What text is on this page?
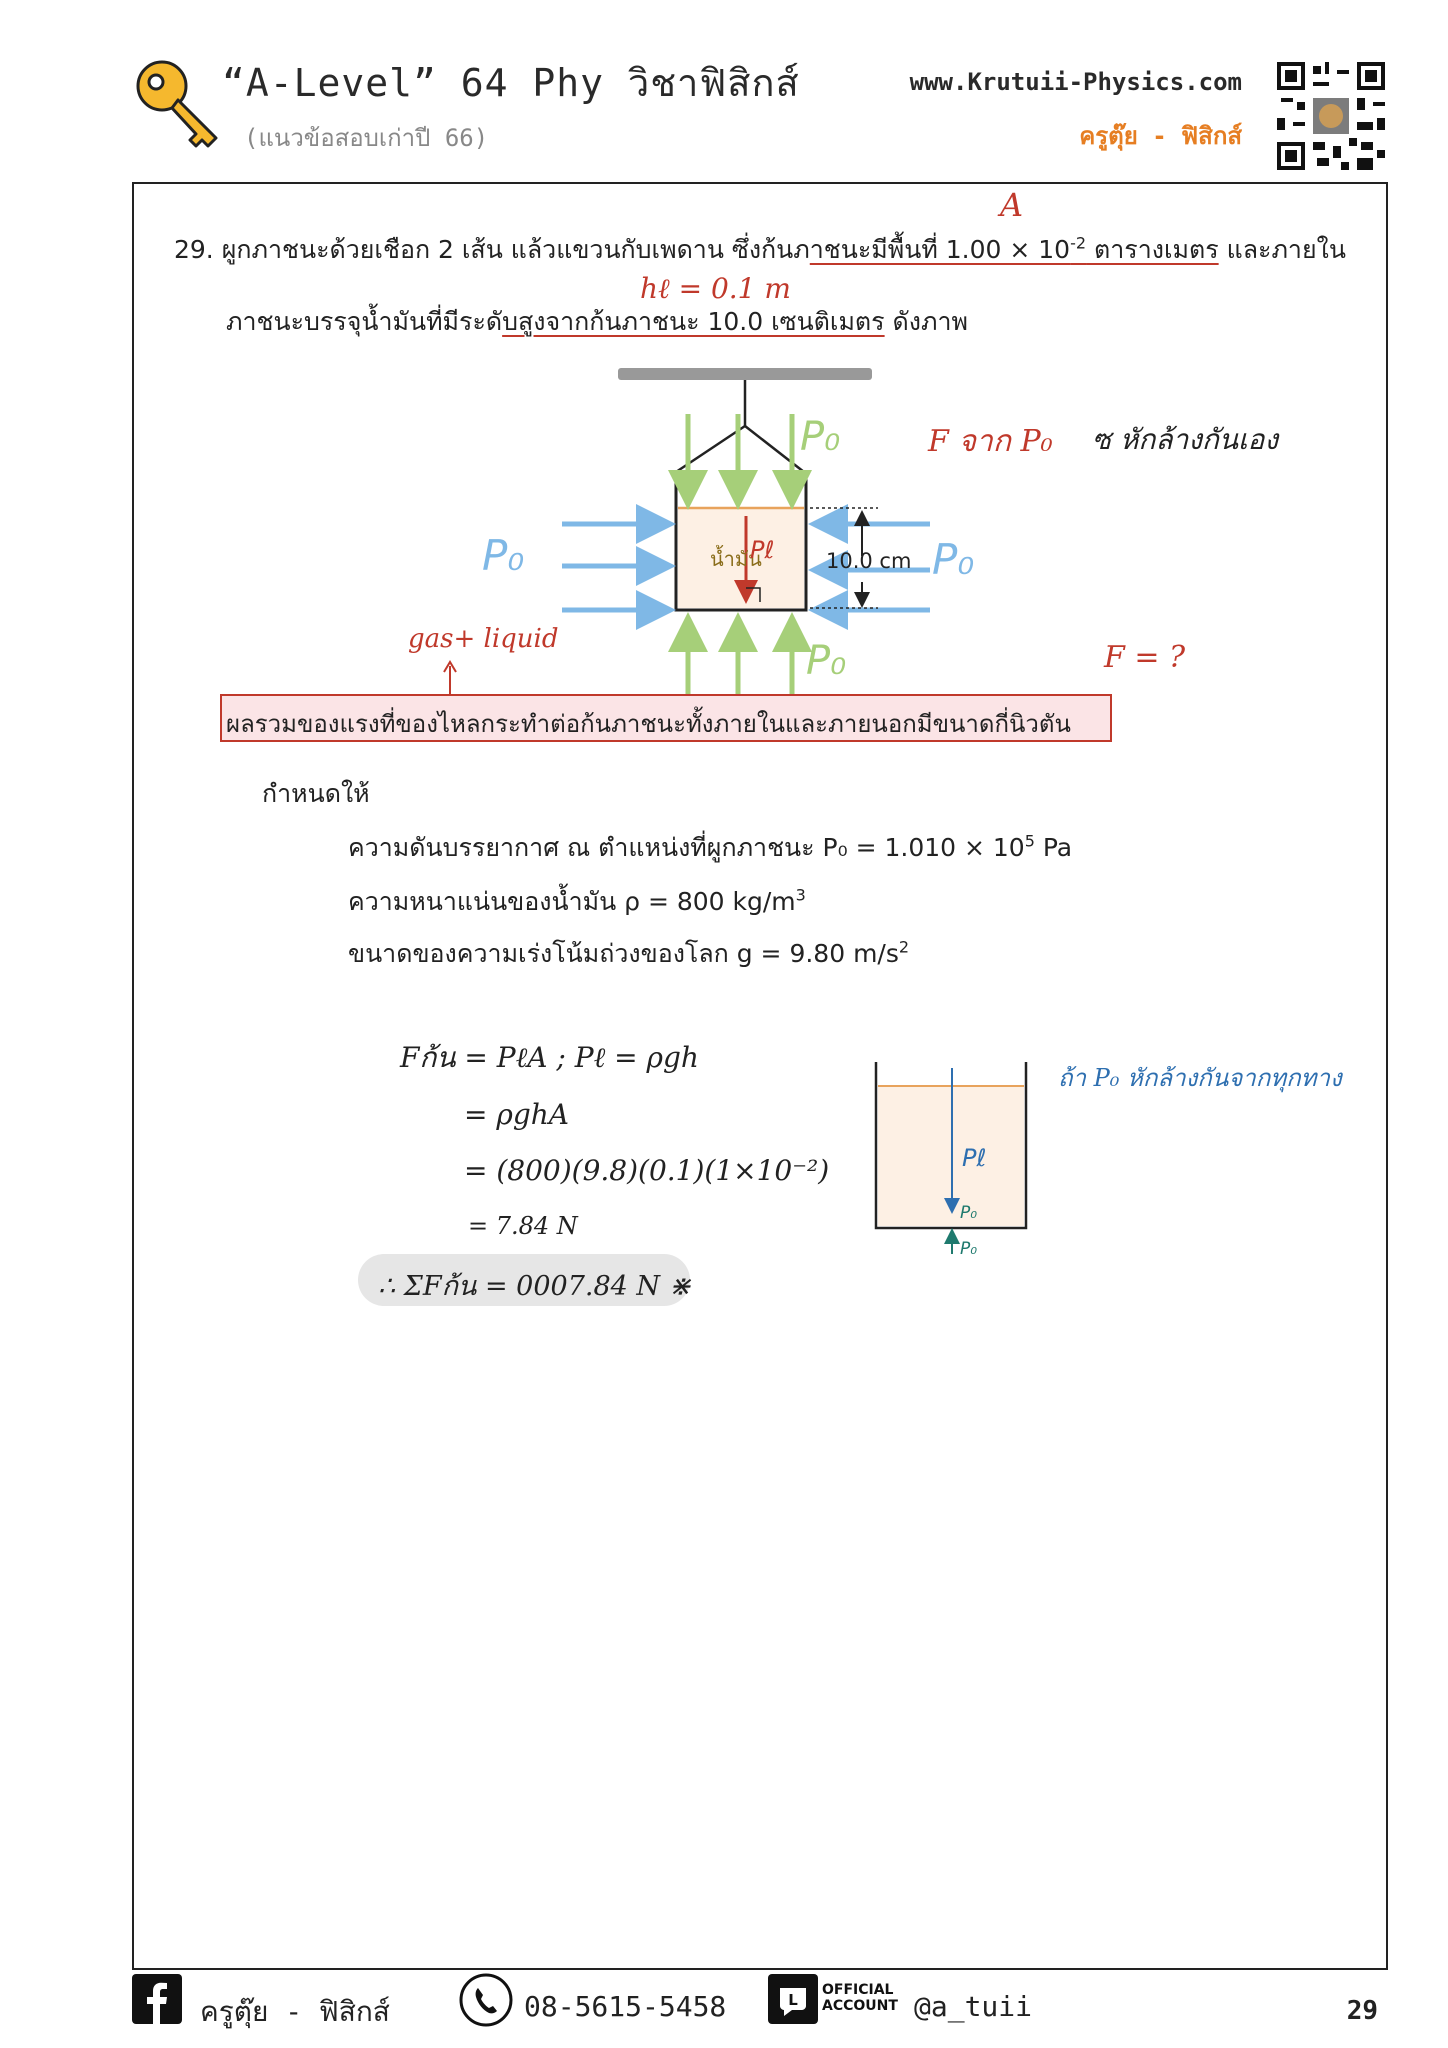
“A-Level” 64 Phy วิชาฟิสิกส์
(แนวข้อสอบเก่าปี 66)
www.Krutuii-Physics.com
ครูตุ๊ย - ฟิสิกส์
29. ผูกภาชนะด้วยเชือก 2 เส้น แล้วแขวนกับเพดาน ซึ่งก้นภาชนะมีพื้นที่ $1.00 \times 10^{-2}$ ตารางเมตร และภายใน
A
ภาชนะบรรจุน้ำมันที่มีระดับสูงจากก้นภาชนะ 10.0 เซนติเมตร ดังภาพ
hℓ = 0.1 m
10.0 cm
น้ำมัน
Pℓ
P₀
P₀	P₀
P₀
F จาก P₀ ซ หักล้างกันเอง
gas+ liquid
F = ?
ผลรวมของแรงที่ของไหลกระทำต่อก้นภาชนะทั้งภายในและภายนอกมีขนาดกี่นิวตัน
กำหนดให้
ความดันบรรยากาศ ณ ตำแหน่งที่ผูกภาชนะ $P_0 = 1.010 \times 10^5$ Pa
ความหนาแน่นของน้ำมัน ρ = 800 $kg/m^3$
ขนาดของความเร่งโน้มถ่วงของโลก g = 9.80 $m/s^2$
Fก้น = PℓA ; Pℓ = ρgh
= ρghA
= (800)(9.8)(0.1)(1×10⁻²)
= 7.84 N
∴ ΣFก้น = 0007.84 N ⋇
Pℓ
P₀
P₀
ถ้า P₀ หักล้างกันจากทุกทาง
ครูตุ๊ย - ฟิสิกส์	08-5615-5458	L
OFFICIAL
ACCOUNT @a_tuii	29
